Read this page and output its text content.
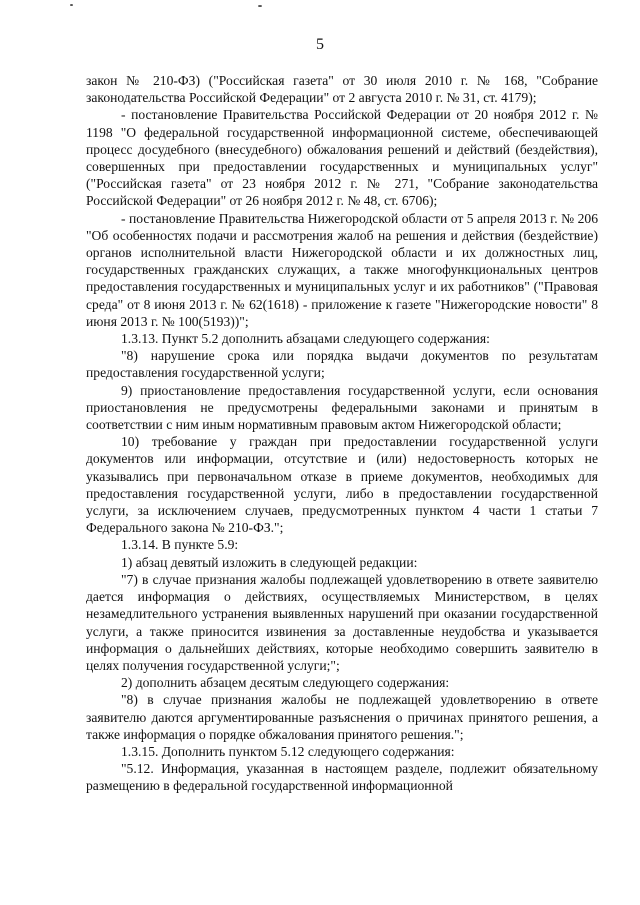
5

закон № 210-ФЗ) ("Российская газета" от 30 июля 2010 г. № 168, "Собрание законодательства Российской Федерации" от 2 августа 2010 г. № 31, ст. 4179);

- постановление Правительства Российской Федерации от 20 ноября 2012 г. № 1198 "О федеральной государственной информационной системе, обеспечивающей процесс досудебного (внесудебного) обжалования решений и действий (бездействия), совершенных при предоставлении государственных и муниципальных услуг" ("Российская газета" от 23 ноября 2012 г. № 271, "Собрание законодательства Российской Федерации" от 26 ноября 2012 г. № 48, ст. 6706);

- постановление Правительства Нижегородской области от 5 апреля 2013 г. № 206 "Об особенностях подачи и рассмотрения жалоб на решения и действия (бездействие) органов исполнительной власти Нижегородской области и их должностных лиц, государственных гражданских служащих, а также многофункциональных центров предоставления государственных и муниципальных услуг и их работников" ("Правовая среда" от 8 июня 2013 г. № 62(1618) - приложение к газете "Нижегородские новости" 8 июня 2013 г. № 100(5193))";

1.3.13. Пункт 5.2 дополнить абзацами следующего содержания:

"8) нарушение срока или порядка выдачи документов по результатам предоставления государственной услуги;

9) приостановление предоставления государственной услуги, если основания приостановления не предусмотрены федеральными законами и принятым в соответствии с ним иным нормативным правовым актом Нижегородской области;

10) требование у граждан при предоставлении государственной услуги документов или информации, отсутствие и (или) недостоверность которых не указывались при первоначальном отказе в приеме документов, необходимых для предоставления государственной услуги, либо в предоставлении государственной услуги, за исключением случаев, предусмотренных пунктом 4 части 1 статьи 7 Федерального закона № 210-ФЗ.";

1.3.14. В пункте 5.9:

1) абзац девятый изложить в следующей редакции:

"7) в случае признания жалобы подлежащей удовлетворению в ответе заявителю дается информация о действиях, осуществляемых Министерством, в целях незамедлительного устранения выявленных нарушений при оказании государственной услуги, а также приносится извинения за доставленные неудобства и указывается информация о дальнейших действиях, которые необходимо совершить заявителю в целях получения государственной услуги;";

2) дополнить абзацем десятым следующего содержания:

"8) в случае признания жалобы не подлежащей удовлетворению в ответе заявителю даются аргументированные разъяснения о причинах принятого решения, а также информация о порядке обжалования принятого решения.";

1.3.15. Дополнить пунктом 5.12 следующего содержания:

"5.12. Информация, указанная в настоящем разделе, подлежит обязательному размещению в федеральной государственной информационной
